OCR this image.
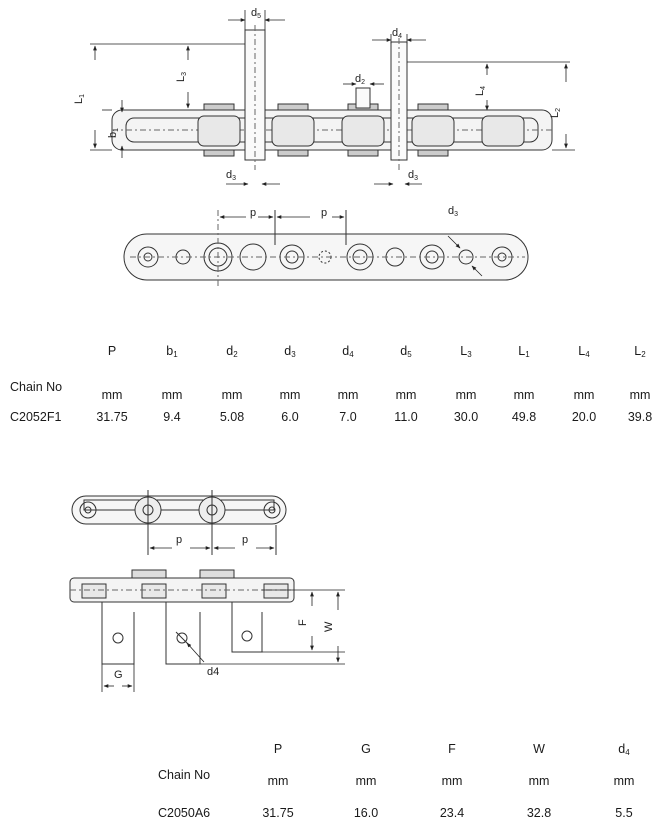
d5
d4
d2
L1
L3
b1
L4
L2
d3	d3
p	p	d3
p	p
F W
G	d4
P	$b_1$	$d_2$	$d_3$	$d_4$	$d_5$	$L_3$	$L_1$	$L_4$	$L_2$
Chain No
mm	mm	mm	mm	mm	mm	mm	mm	mm	mm
C2052F1	31.75	9.4	5.08	6.0	7.0	11.0	30.0	49.8	20.0	39.8
P	G	F	W	$d_4$
Chain No	mm	mm	mm	mm	mm
C2050A6	31.75	16.0	23.4	32.8	5.5
